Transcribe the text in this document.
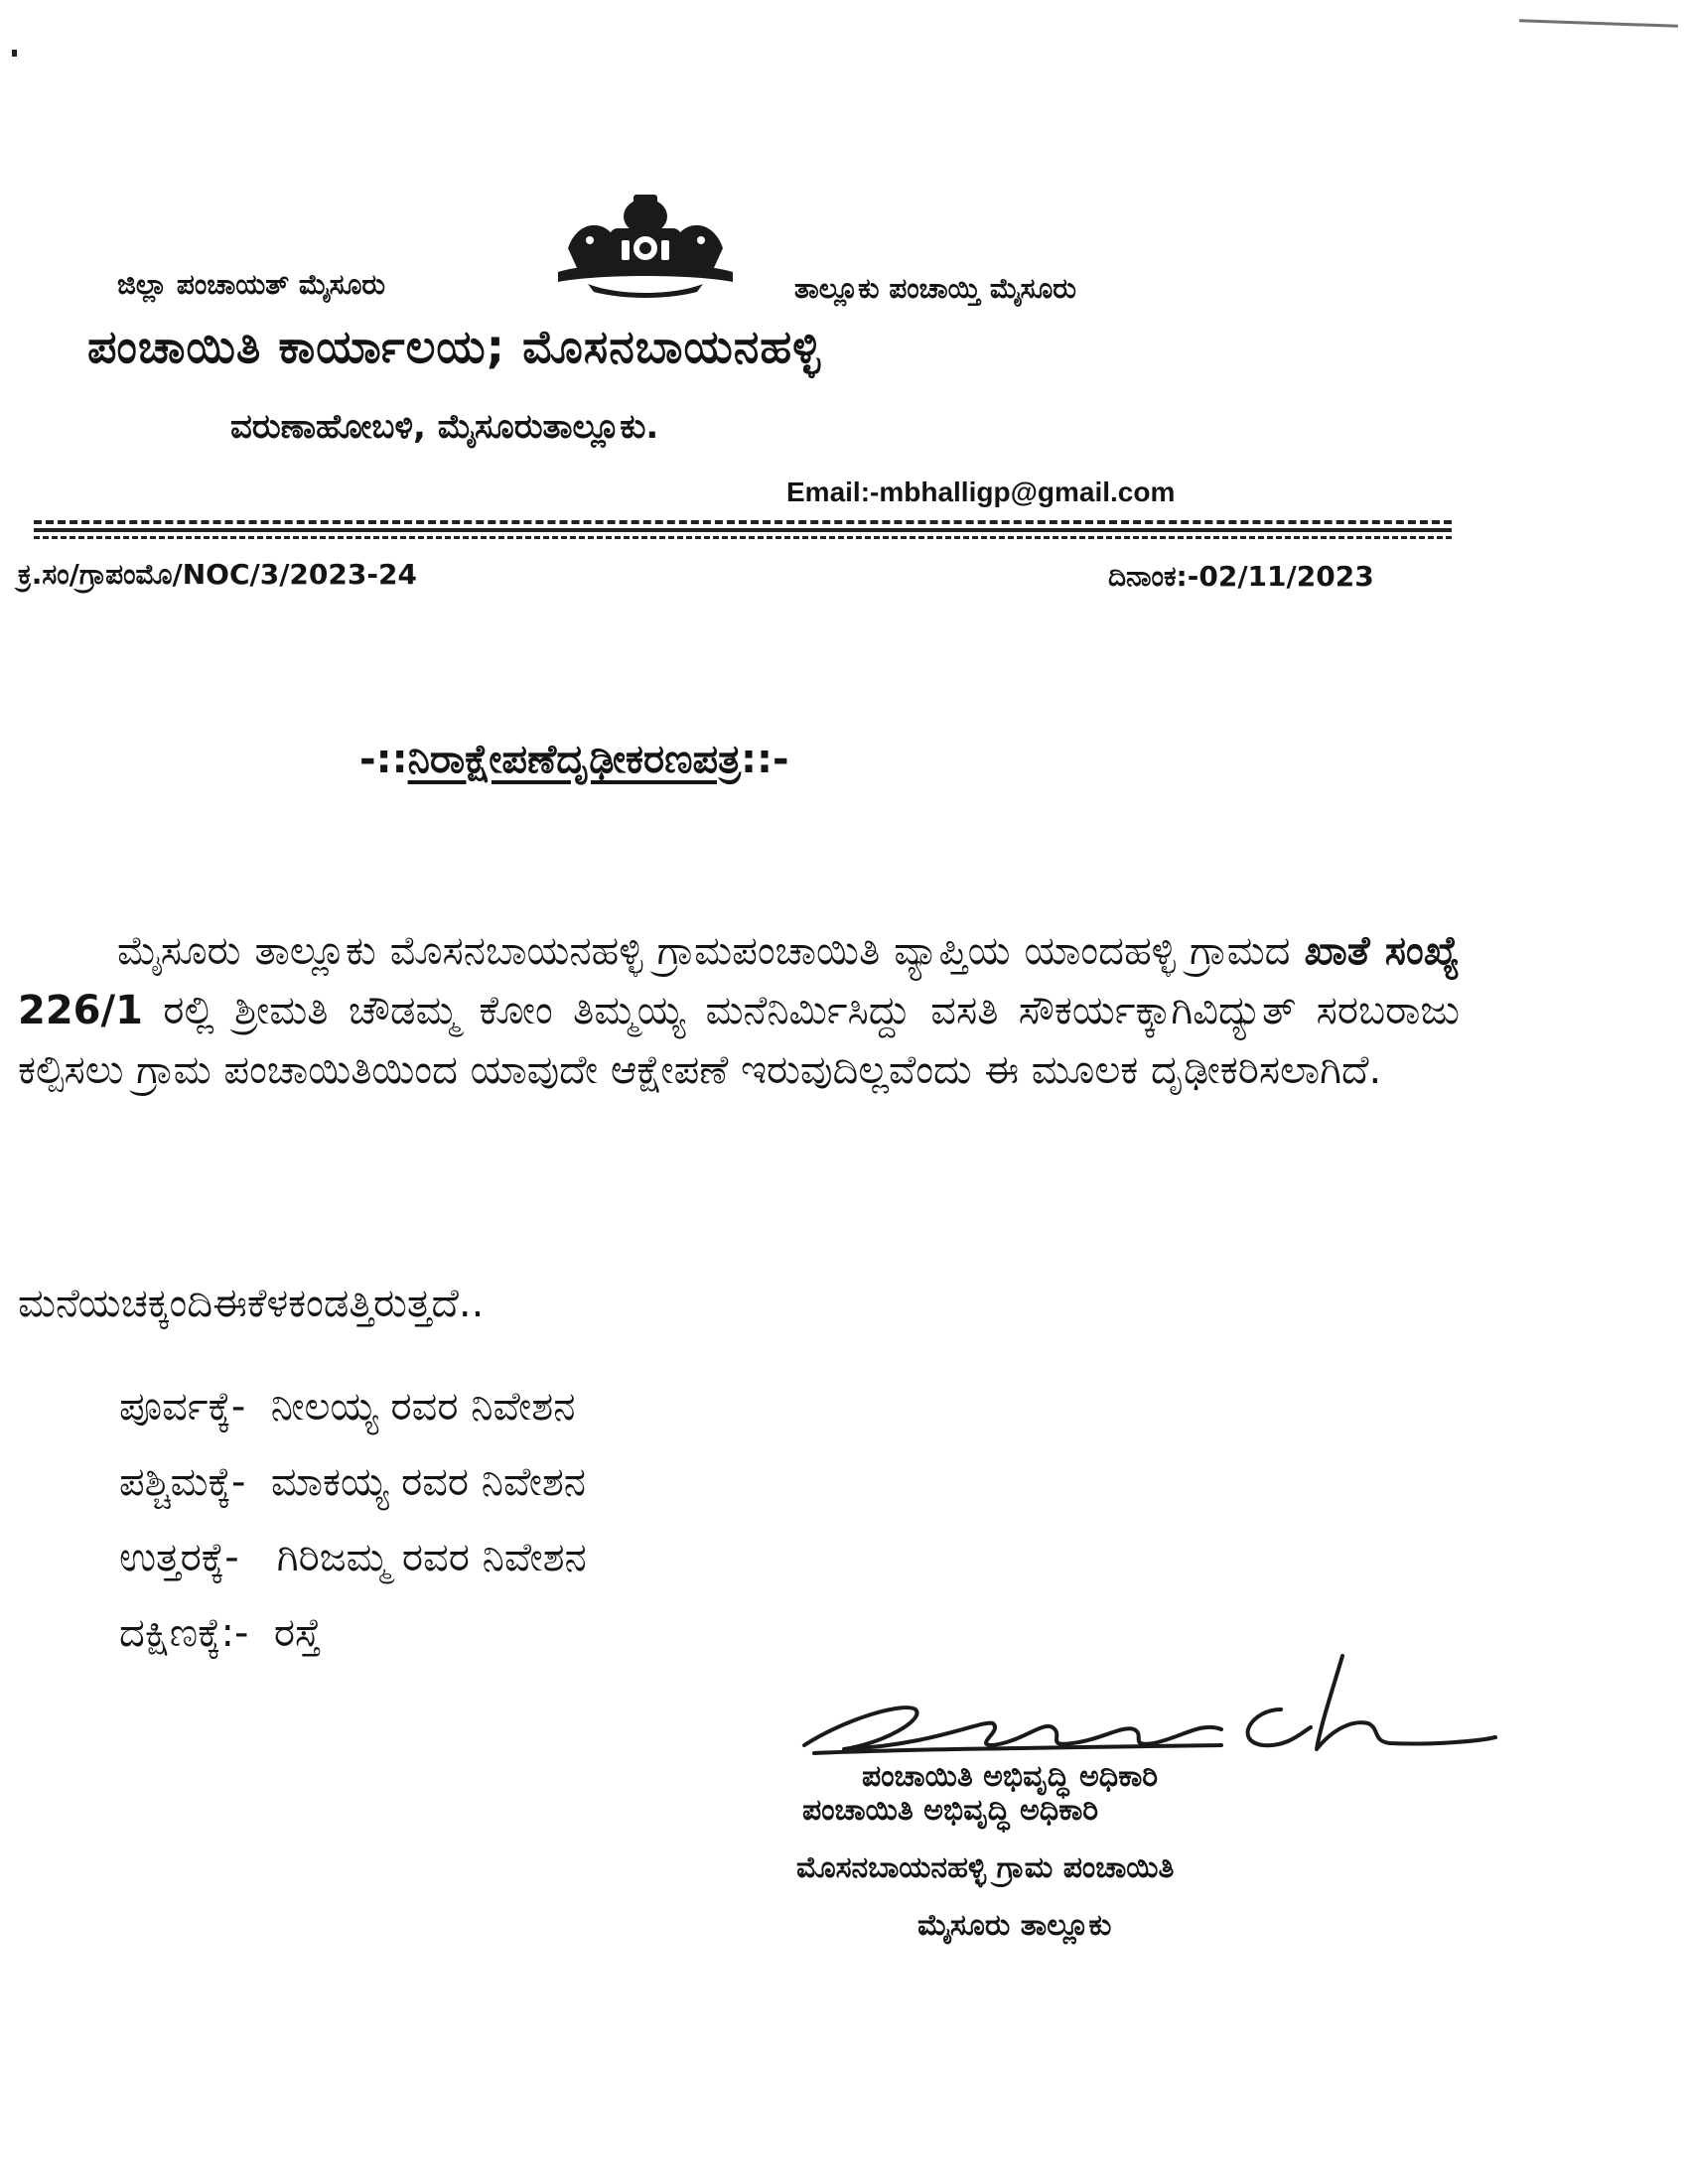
ಜಿಲ್ಲಾ ಪಂಚಾಯತ್ ಮೈಸೂರು	ತಾಲ್ಲೂಕು ಪಂಚಾಯ್ತಿ ಮೈಸೂರು
ಪಂಚಾಯಿತಿ ಕಾರ್ಯಾಲಯ; ಮೊಸನಬಾಯನಹಳ್ಳಿ
ವರುಣಾಹೋಬಳಿ, ಮೈಸೂರುತಾಲ್ಲೂಕು.
Email:-mbhalligp@gmail.com
ಕ್ರ.ಸಂ/ಗ್ರಾಪಂಮೊ/NOC/3/2023-24	ದಿನಾಂಕ:-02/11/2023
-::ನಿರಾಕ್ಷೇಪಣೆದೃಢೀಕರಣಪತ್ರ::-
ಮೈಸೂರು ತಾಲ್ಲೂಕು ಮೊಸನಬಾಯನಹಳ್ಳಿ ಗ್ರಾಮಪಂಚಾಯಿತಿ ವ್ಯಾಪ್ತಿಯ ಯಾಂದಹಳ್ಳಿ ಗ್ರಾಮದ ಖಾತೆ ಸಂಖ್ಯೆ 226/1 ರಲ್ಲಿ ಶ್ರೀಮತಿ ಚೌಡಮ್ಮ ಕೋಂ ತಿಮ್ಮಯ್ಯ ಮನೆನಿರ್ಮಿಸಿದ್ದು ವಸತಿ ಸೌಕರ್ಯಕ್ಕಾಗಿವಿದ್ಯುತ್ ಸರಬರಾಜು ಕಲ್ಪಿಸಲು ಗ್ರಾಮ ಪಂಚಾಯಿತಿಯಿಂದ ಯಾವುದೇ ಆಕ್ಷೇಪಣೆ ಇರುವುದಿಲ್ಲವೆಂದು ಈ ಮೂಲಕ ದೃಢೀಕರಿಸಲಾಗಿದೆ.
ಮನೆಯಚಕ್ಕಂದಿಈಕೆಳಕಂಡತ್ತಿರುತ್ತದೆ..
ಪೂರ್ವಕ್ಕೆ- ನೀಲಯ್ಯ ರವರ ನಿವೇಶನ
ಪಶ್ಚಿಮಕ್ಕೆ- ಮಾಕಯ್ಯ ರವರ ನಿವೇಶನ
ಉತ್ತರಕ್ಕೆ- ಗಿರಿಜಮ್ಮ ರವರ ನಿವೇಶನ
ದಕ್ಷಿಣಕ್ಕೆ:- ರಸ್ತೆ
ಪಂಚಾಯಿತಿ ಅಭಿವೃದ್ಧಿ ಅಧಿಕಾರಿ
ಪಂಚಾಯಿತಿ ಅಭಿವೃದ್ಧಿ ಅಧಿಕಾರಿ
ಮೊಸನಬಾಯನಹಳ್ಳಿ ಗ್ರಾಮ ಪಂಚಾಯಿತಿ
ಮೈಸೂರು ತಾಲ್ಲೂಕು
